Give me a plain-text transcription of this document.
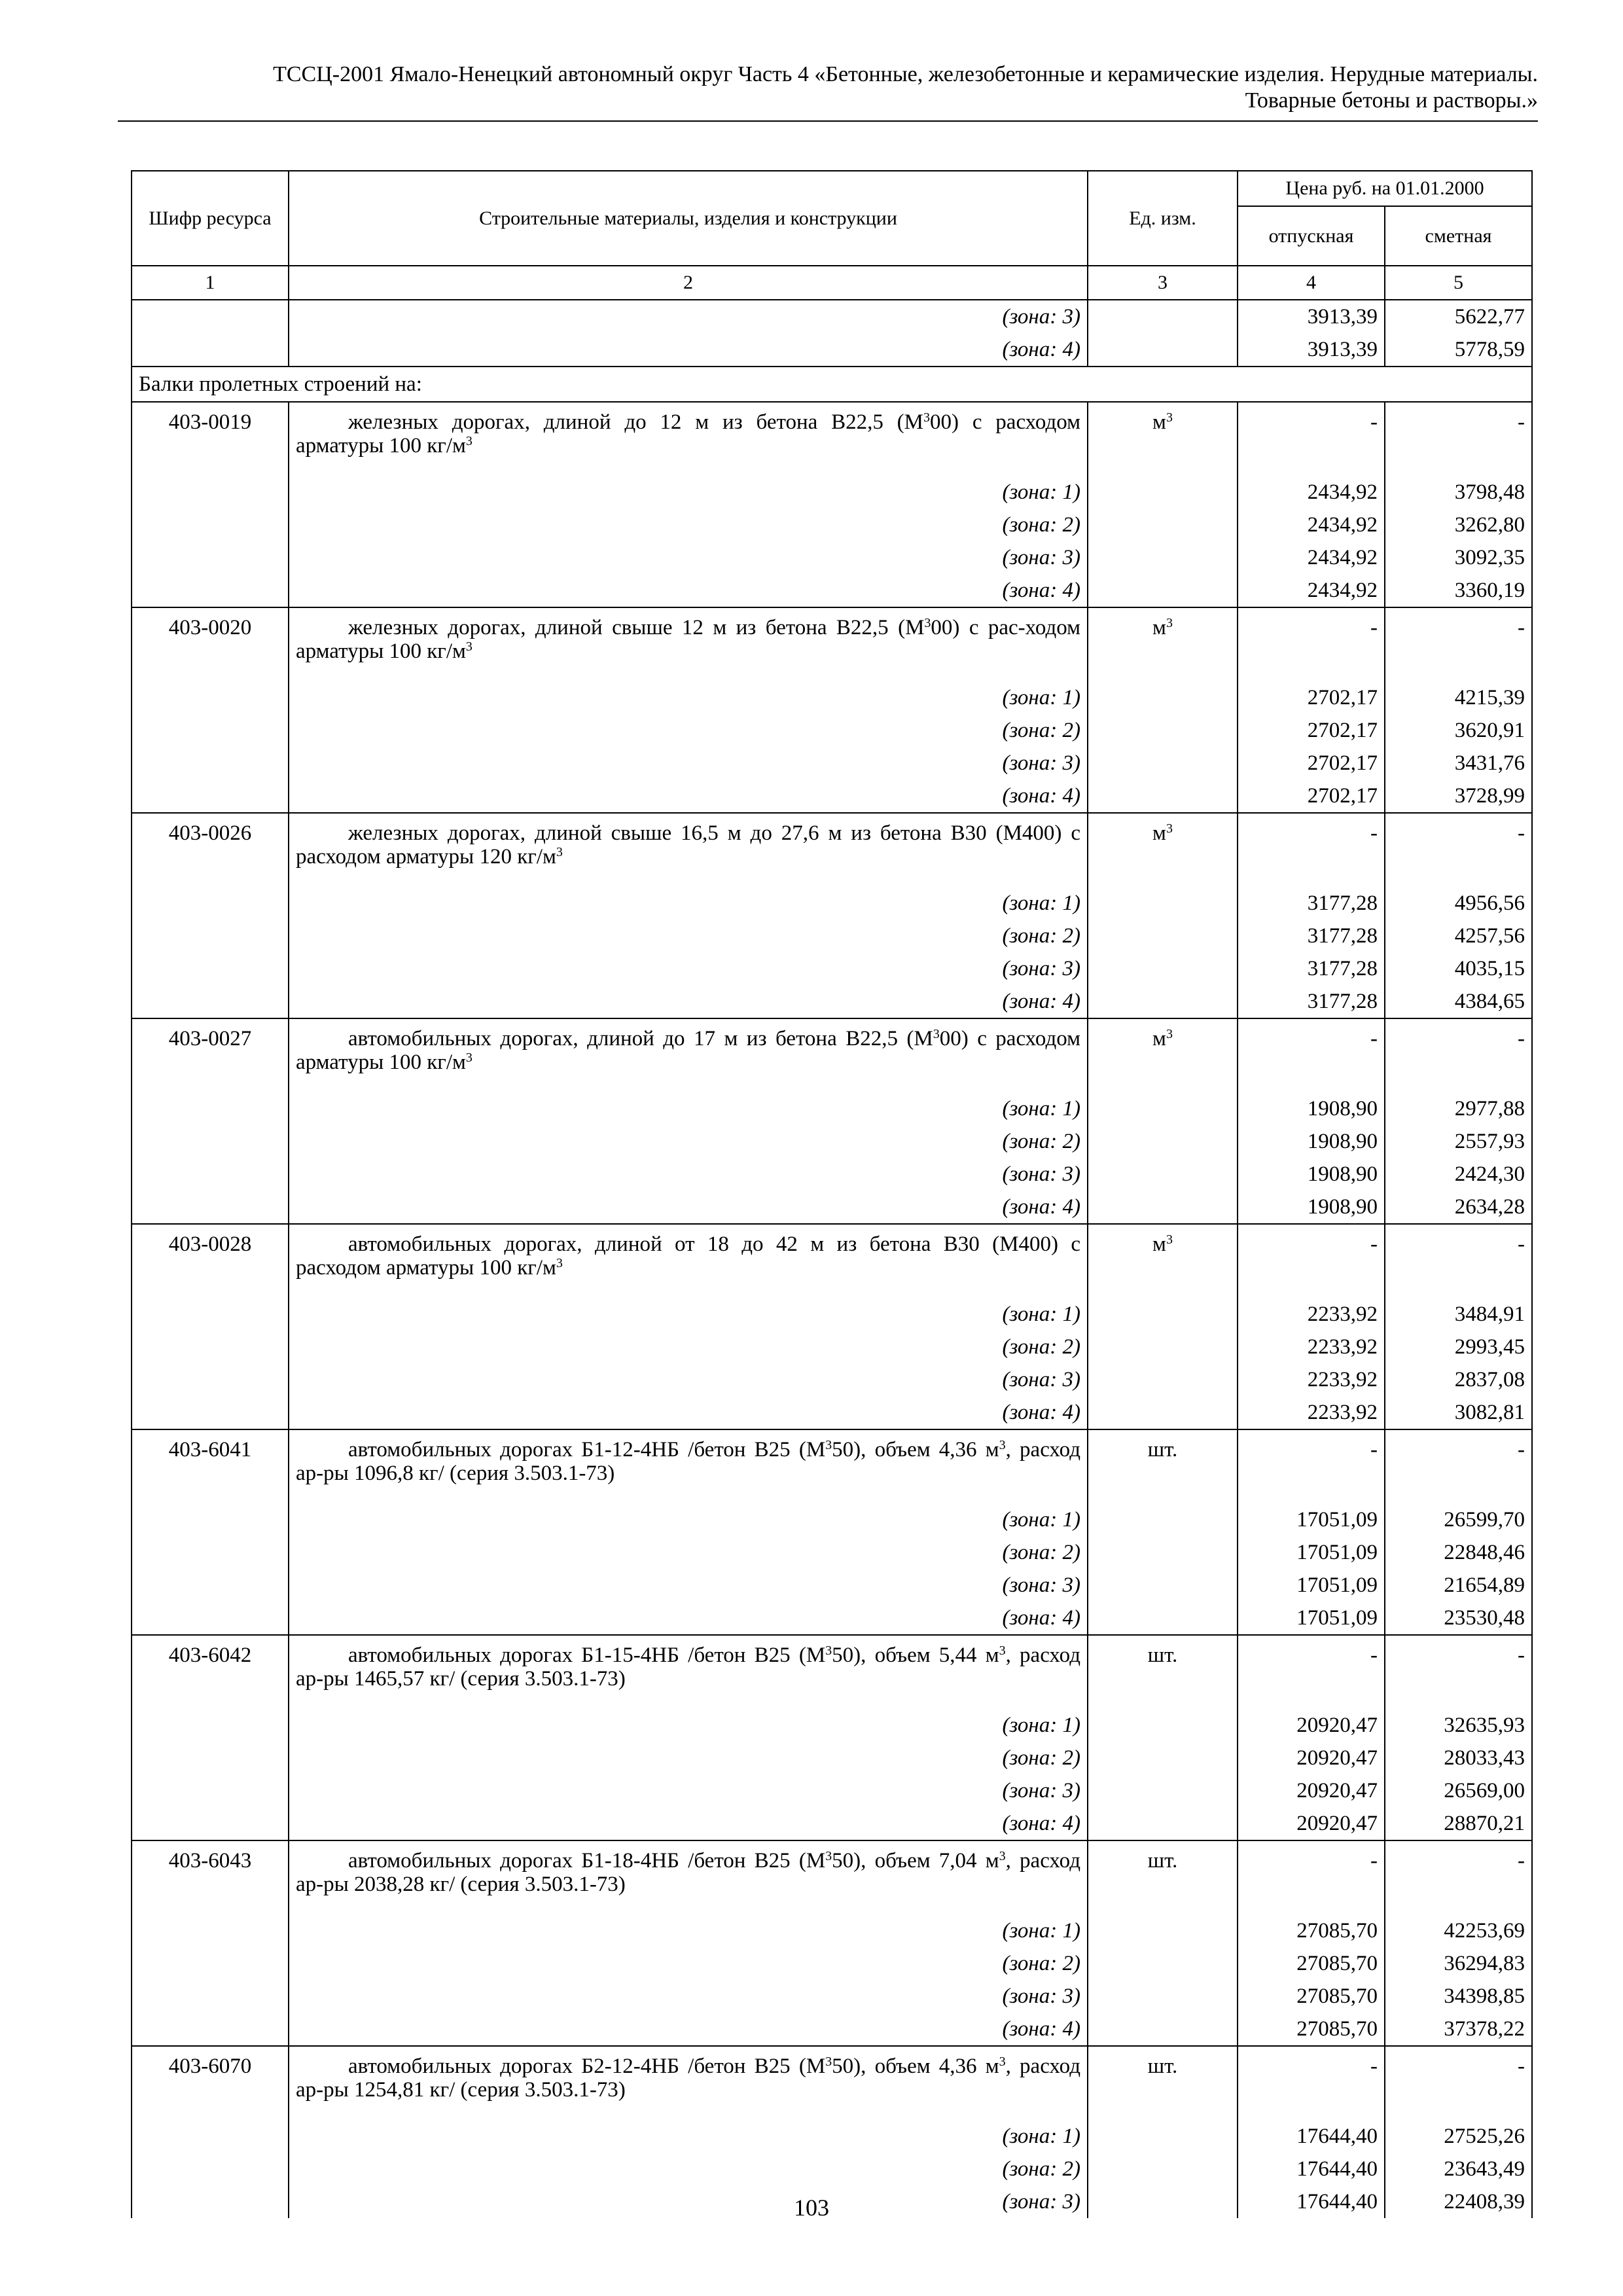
ТССЦ-2001 Ямало-Ненецкий автономный округ Часть 4 «Бетонные, железобетонные и керамические изделия. Нерудные материалы.
Товарные бетоны и растворы.»
Шифр ресурса	Строительные материалы, изделия и конструкции	Ед. изм.	Цена руб. на 01.01.2000	
			отпускная	сметная
1	2	3	4	5
	(зона: 3)		3913,39	5622,77
	(зона: 4)		3913,39	5778,59
Балки пролетных строений на:				
403-0019	железных дорогах, длиной до 12 м из бетона В22,5 $(М^300)$ с расходом арматуры 100 $кг/м^3$	$м^3$	-	-
	(зона: 1)		2434,92	3798,48
	(зона: 2)		2434,92	3262,80
	(зона: 3)		2434,92	3092,35
	(зона: 4)		2434,92	3360,19
403-0020	железных дорогах, длиной свыше 12 м из бетона В22,5 $(М^300)$ с рас-ходом арматуры 100 $кг/м^3$	$м^3$	-	-
	(зона: 1)		2702,17	4215,39
	(зона: 2)		2702,17	3620,91
	(зона: 3)		2702,17	3431,76
	(зона: 4)		2702,17	3728,99
403-0026	железных дорогах, длиной свыше 16,5 м до 27,6 м из бетона В30 (М400) с расходом арматуры 120 $кг/м^3$	$м^3$	-	-
	(зона: 1)		3177,28	4956,56
	(зона: 2)		3177,28	4257,56
	(зона: 3)		3177,28	4035,15
	(зона: 4)		3177,28	4384,65
403-0027	автомобильных дорогах, длиной до 17 м из бетона В22,5 $(М^300)$ с расходом арматуры 100 $кг/м^3$	$м^3$	-	-
	(зона: 1)		1908,90	2977,88
	(зона: 2)		1908,90	2557,93
	(зона: 3)		1908,90	2424,30
	(зона: 4)		1908,90	2634,28
403-0028	автомобильных дорогах, длиной от 18 до 42 м из бетона В30 (М400) с расходом арматуры 100 $кг/м^3$	$м^3$	-	-
	(зона: 1)		2233,92	3484,91
	(зона: 2)		2233,92	2993,45
	(зона: 3)		2233,92	2837,08
	(зона: 4)		2233,92	3082,81
403-6041	автомобильных дорогах Б1-12-4НБ /бетон В25 $(М^350)$, объем 4,36 $м^3$, расход ар-ры 1096,8 кг/ (серия 3.503.1-73)	шт.	-	-
	(зона: 1)		17051,09	26599,70
	(зона: 2)		17051,09	22848,46
	(зона: 3)		17051,09	21654,89
	(зона: 4)		17051,09	23530,48
403-6042	автомобильных дорогах Б1-15-4НБ /бетон В25 $(М^350)$, объем 5,44 $м^3$, расход ар-ры 1465,57 кг/ (серия 3.503.1-73)	шт.	-	-
	(зона: 1)		20920,47	32635,93
	(зона: 2)		20920,47	28033,43
	(зона: 3)		20920,47	26569,00
	(зона: 4)		20920,47	28870,21
403-6043	автомобильных дорогах Б1-18-4НБ /бетон В25 $(М^350)$, объем 7,04 $м^3$, расход ар-ры 2038,28 кг/ (серия 3.503.1-73)	шт.	-	-
	(зона: 1)		27085,70	42253,69
	(зона: 2)		27085,70	36294,83
	(зона: 3)		27085,70	34398,85
	(зона: 4)		27085,70	37378,22
403-6070	автомобильных дорогах Б2-12-4НБ /бетон В25 $(М^350)$, объем 4,36 $м^3$, расход ар-ры 1254,81 кг/ (серия 3.503.1-73)	шт.	-	-
	(зона: 1)		17644,40	27525,26
	(зона: 2)		17644,40	23643,49
	(зона: 3)		17644,40	22408,39
103
